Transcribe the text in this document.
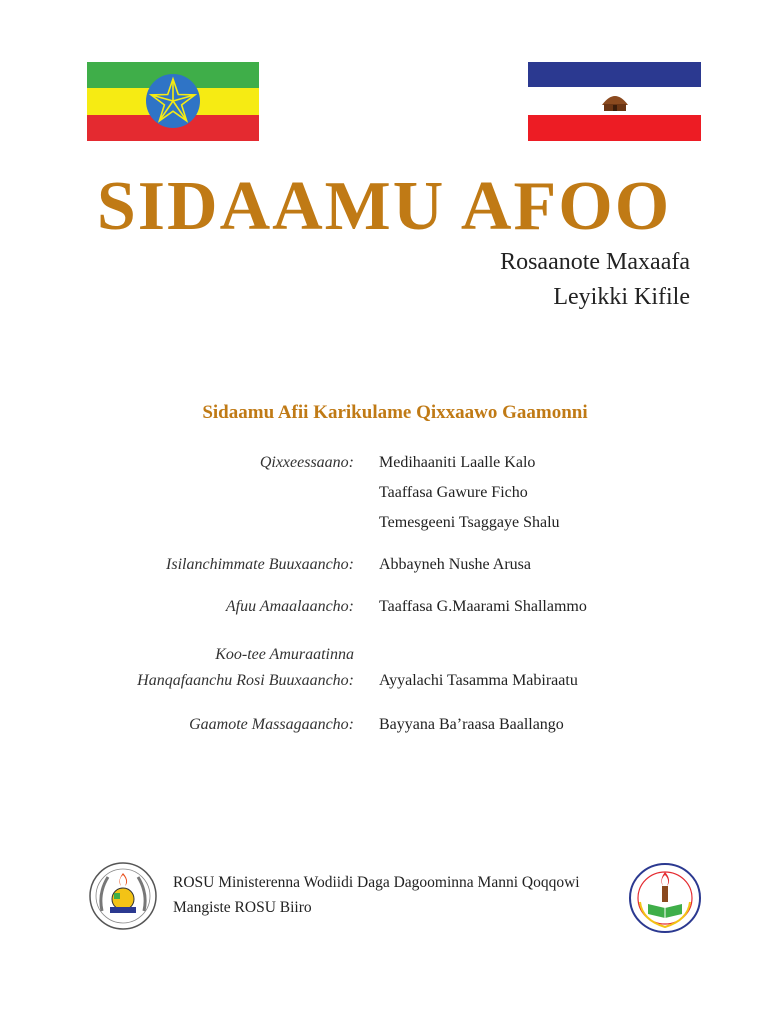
SIDAAMU AFOO
Rosaanote Maxaafa
Leyikki Kifile
Sidaamu Afii Karikulame Qixxaawo Gaamonni
Qixxeessaano: Medihaaniti Laalle Kalo
Taaffasa Gawure Ficho
Temesgeeni Tsaggaye Shalu
Isilanchimmate Buuxaancho: Abbayneh Nushe Arusa
Afuu Amaalaancho: Taaffasa G.Maarami Shallammo
Koo-tee Amuraatinna
Hanqafaanchu Rosi Buuxaancho: Ayyalachi Tasamma Mabiraatu
Gaamote Massagaancho: Bayyana Ba’raasa Baallango
ROSU Ministerenna Wodiidi Daga Dagoominna Manni Qoqqowi
Mangiste ROSU Biiro
